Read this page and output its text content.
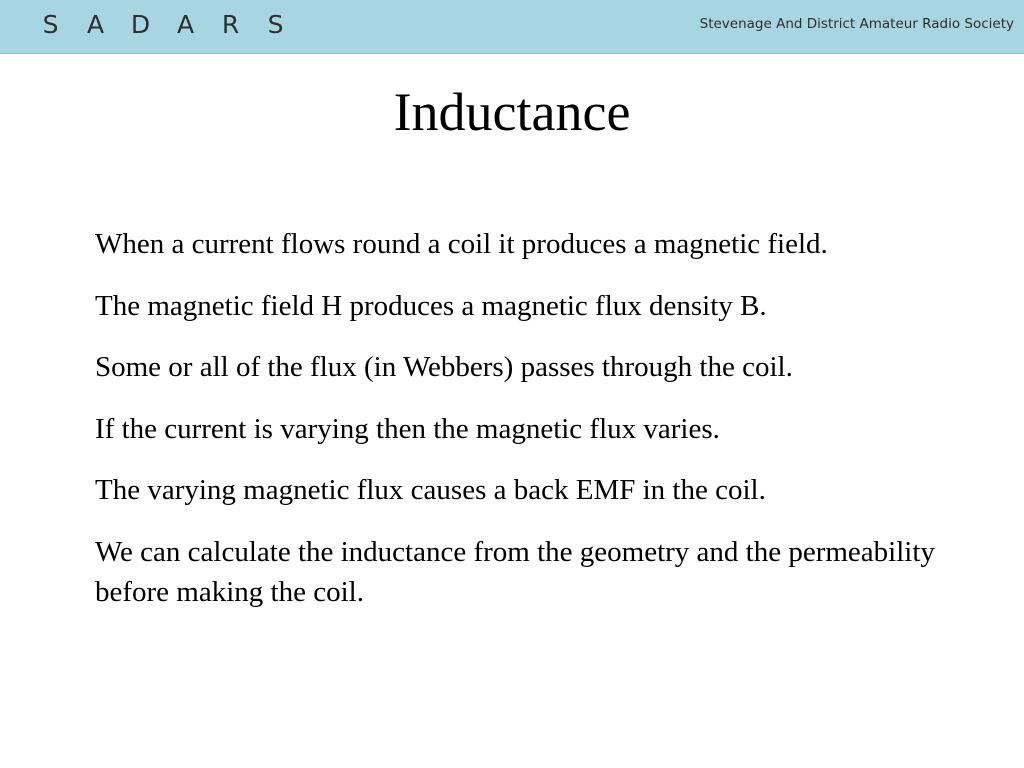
S A D A R S	Stevenage And District Amateur Radio Society
Inductance

When a current flows round a coil it produces a magnetic field.

The magnetic field H produces a magnetic flux density B.

Some or all of the flux (in Webbers) passes through the coil.

If the current is varying then the magnetic flux varies.

The varying magnetic flux causes a back EMF in the coil.

We can calculate the inductance from the geometry and the permeability before making the coil.
